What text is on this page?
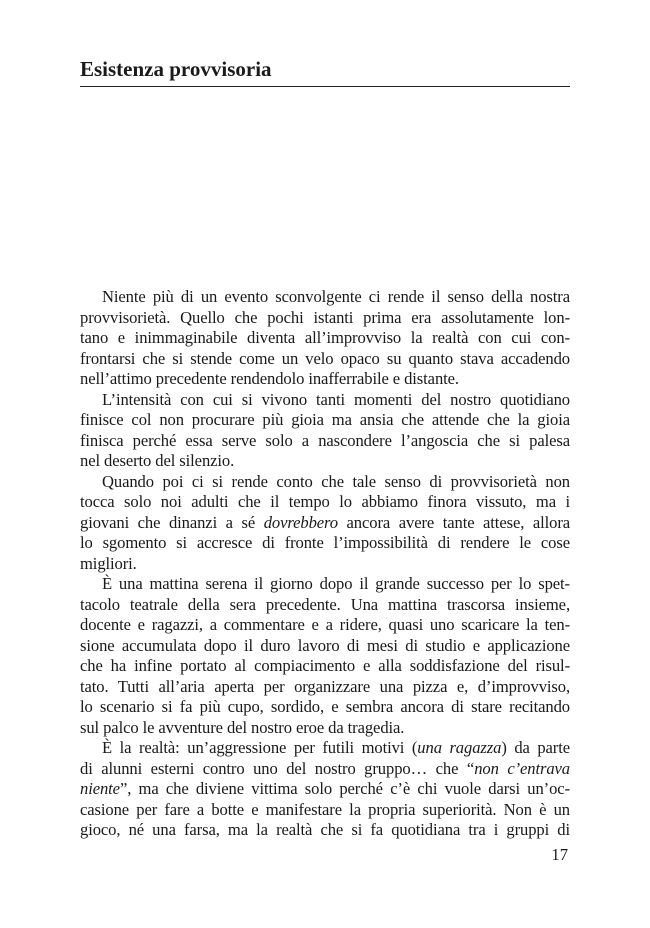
Esistenza provvisoria
Niente più di un evento sconvolgente ci rende il senso della nostra
provvisorietà. Quello che pochi istanti prima era assolutamente lon-
tano e inimmaginabile diventa all’improvviso la realtà con cui con-
frontarsi che si stende come un velo opaco su quanto stava accadendo
nell’attimo precedente rendendolo inafferrabile e distante.
L’intensità con cui si vivono tanti momenti del nostro quotidiano
finisce col non procurare più gioia ma ansia che attende che la gioia
finisca perché essa serve solo a nascondere l’angoscia che si palesa
nel deserto del silenzio.
Quando poi ci si rende conto che tale senso di provvisorietà non
tocca solo noi adulti che il tempo lo abbiamo finora vissuto, ma i
giovani che dinanzi a sé dovrebbero ancora avere tante attese, allora
lo sgomento si accresce di fronte l’impossibilità di rendere le cose
migliori.
È una mattina serena il giorno dopo il grande successo per lo spet-
tacolo teatrale della sera precedente. Una mattina trascorsa insieme,
docente e ragazzi, a commentare e a ridere, quasi uno scaricare la ten-
sione accumulata dopo il duro lavoro di mesi di studio e applicazione
che ha infine portato al compiacimento e alla soddisfazione del risul-
tato. Tutti all’aria aperta per organizzare una pizza e, d’improvviso,
lo scenario si fa più cupo, sordido, e sembra ancora di stare recitando
sul palco le avventure del nostro eroe da tragedia.
È la realtà: un’aggressione per futili motivi (una ragazza) da parte
di alunni esterni contro uno del nostro gruppo… che “non c’entrava
niente”, ma che diviene vittima solo perché c’è chi vuole darsi un’oc-
casione per fare a botte e manifestare la propria superiorità. Non è un
gioco, né una farsa, ma la realtà che si fa quotidiana tra i gruppi di
17
